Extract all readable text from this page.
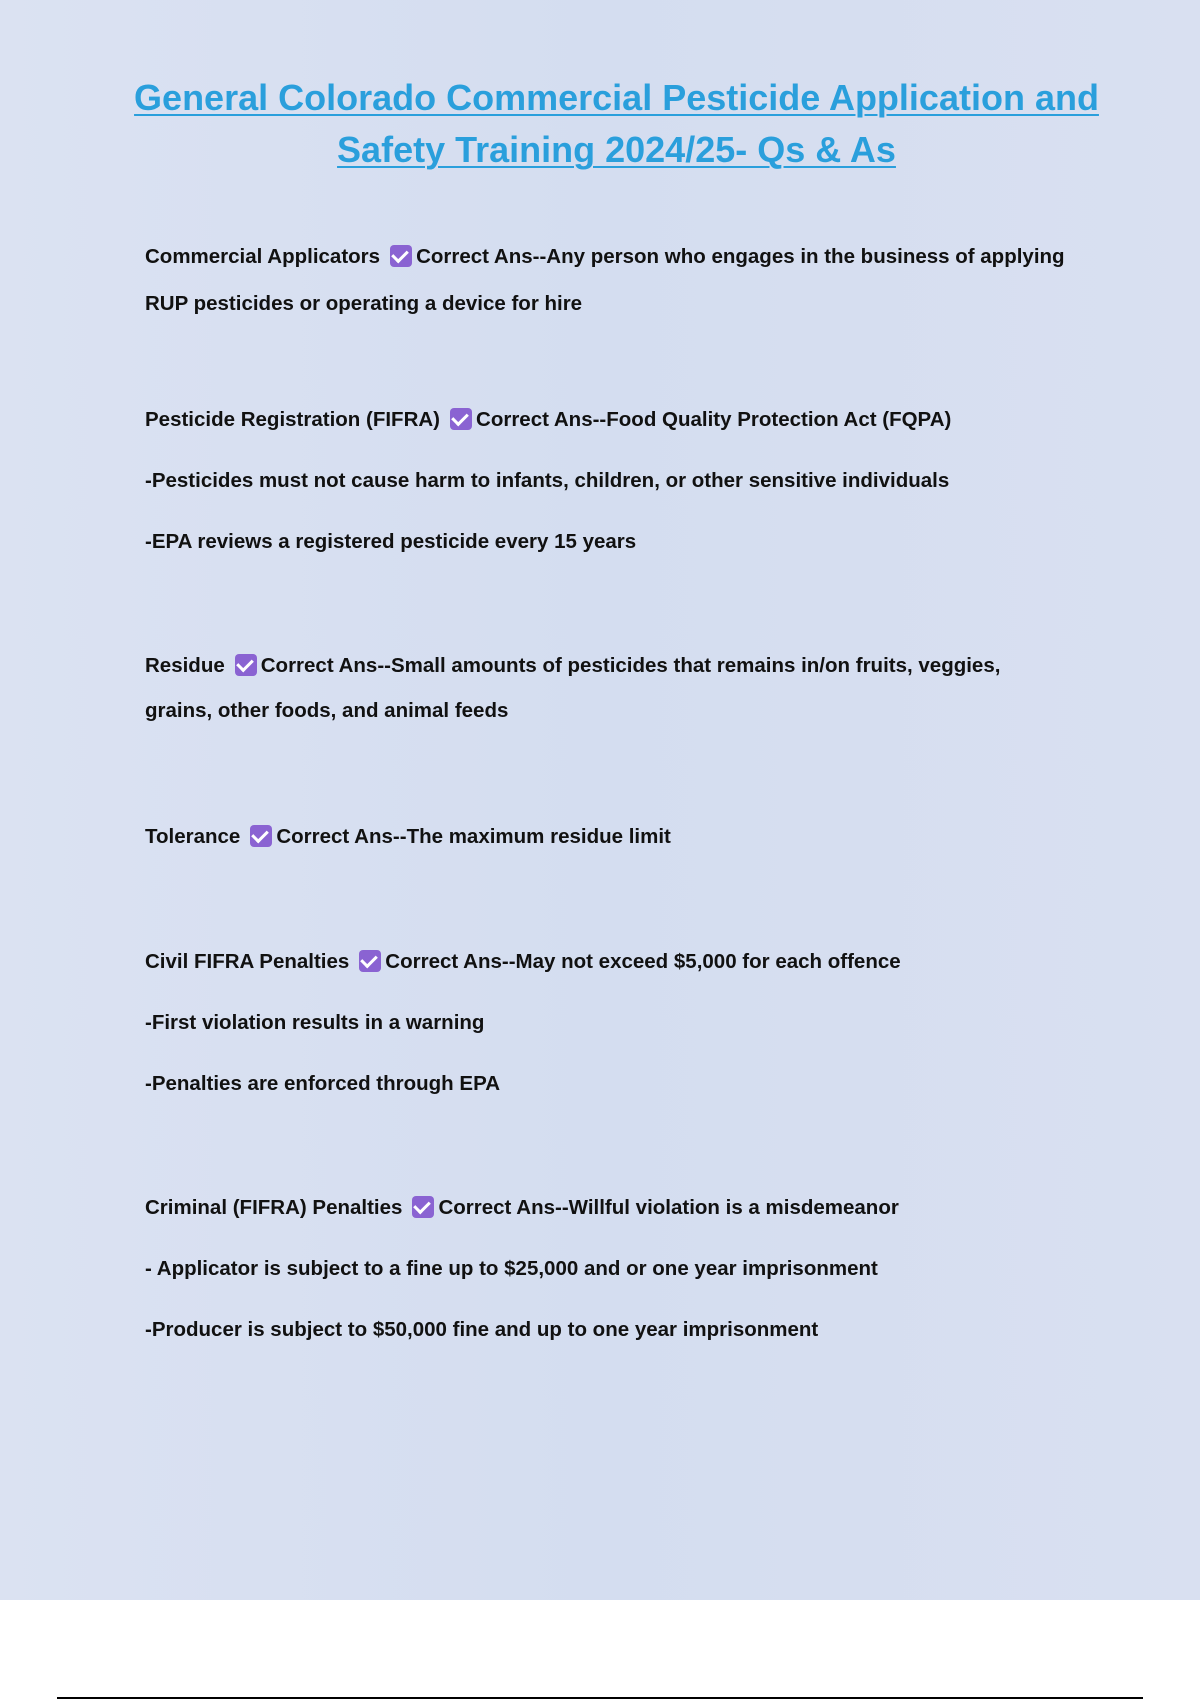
General Colorado Commercial Pesticide Application and
Safety Training 2024/25- Qs & As
Commercial Applicators Correct Ans--Any person who engages in the business of applying
RUP pesticides or operating a device for hire
Pesticide Registration (FIFRA) Correct Ans--Food Quality Protection Act (FQPA)
-Pesticides must not cause harm to infants, children, or other sensitive individuals
-EPA reviews a registered pesticide every 15 years
Residue Correct Ans--Small amounts of pesticides that remains in/on fruits, veggies,
grains, other foods, and animal feeds
Tolerance Correct Ans--The maximum residue limit
Civil FIFRA Penalties Correct Ans--May not exceed $5,000 for each offence
-First violation results in a warning
-Penalties are enforced through EPA
Criminal (FIFRA) Penalties Correct Ans--Willful violation is a misdemeanor
- Applicator is subject to a fine up to $25,000 and or one year imprisonment
-Producer is subject to $50,000 fine and up to one year imprisonment
